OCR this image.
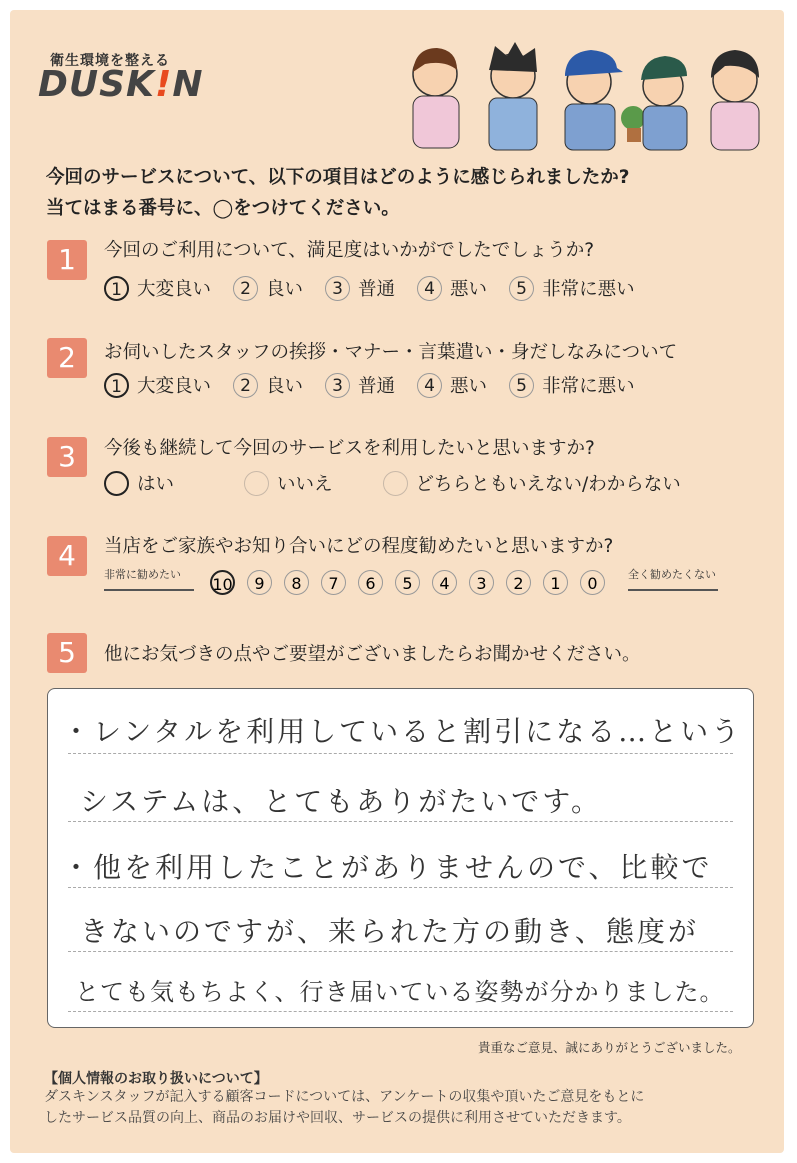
衛生環境を整える
DUSK!N
今回のサービスについて、以下の項目はどのように感じられましたか?
当てはまる番号に、◯をつけてください。
1	今回のご利用について、満足度はいかがでしたでしょうか?
1 大変良い	2 良い	3 普通	4 悪い	5 非常に悪い
2	お伺いしたスタッフの挨拶・マナー・言葉遣い・身だしなみについて
1 大変良い	2 良い	3 普通	4 悪い	5 非常に悪い
3	今後も継続して今回のサービスを利用したいと思いますか?
はい	いいえ	どちらともいえない/わからない
4	当店をご家族やお知り合いにどの程度勧めたいと思いますか?
非常に勧めたい
10	9	8	7	6	5	4	3	2	1	0	全く勧めたくない
5	他にお気づきの点やご要望がございましたらお聞かせください。
・レンタルを利用していると割引になる…という
システムは、とてもありがたいです。
・他を利用したことがありませんので、比較で
きないのですが、来られた方の動き、態度が
とても気もちよく、行き届いている姿勢が分かりました。
貴重なご意見、誠にありがとうございました。
【個人情報のお取り扱いについて】
ダスキンスタッフが記入する顧客コードについては、アンケートの収集や頂いたご意見をもとに
したサービス品質の向上、商品のお届けや回収、サービスの提供に利用させていただきます。
